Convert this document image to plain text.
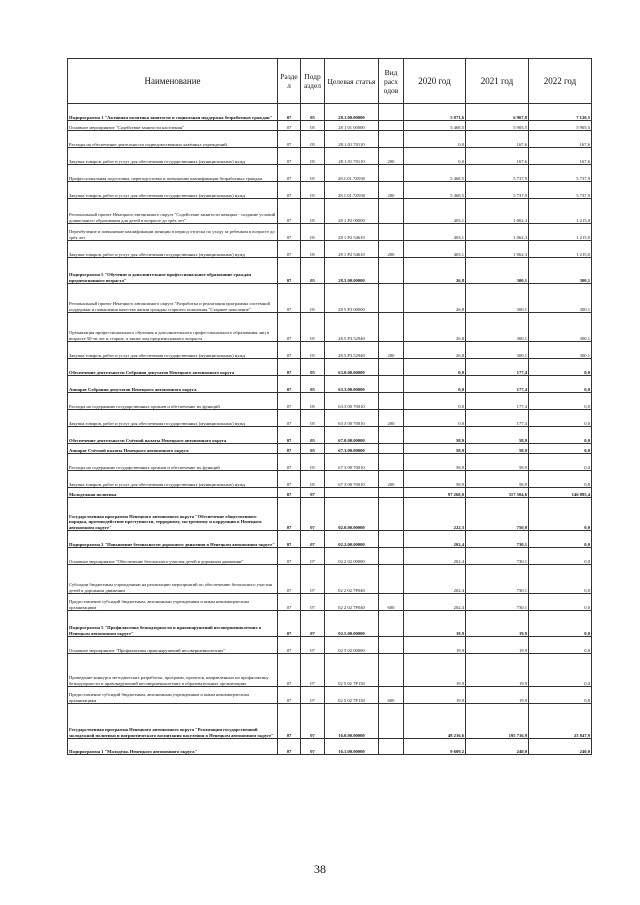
Наименование	Разде л	Подр аздел	Целевая статья	Вид расх одов	2020 год	2021 год	2022 год
Подпрограмма 1 "Активная политика занятости и социальная поддержка безработных граждан"	07	05	28.1.00.00000		5 871,6	6 967,8	7 120,5
Основное мероприятие "Содействие занятости населения"	07	05	28 1 01 00000		5 468,5	5 905,5	5 905,5
Расходы на обеспечение деятельности подведомственных казённых учреждений	07	05	28.1.01.70110		0,0	167,6	167,6
Закупка товаров, работ и услуг для обеспечения государственных (муниципальных) нужд	07	05	28.1.01.70110	200	0,0	167,6	167,6
Профессиональная подготовка, переподготовка и повышение квалификации безработных граждан	07	05	28.1.01.7Z030		5 468,5	5 737,9	5 737,9
Закупка товаров, работ и услуг для обеспечения государственных (муниципальных) нужд	07	05	28.1.01.7Z030	200	5 468,5	5 737,9	5 737,9
Региональный проект Ненецкого автономного округа "Содействие занятости женщин - создание условий дошкольного образования для детей в возрасте до трёх лет"	07	05	28 1 P2 00000		403,1	1 062,3	1 215,0
Переобучение и повышение квалификации женщин в период отпуска по уходу за ребенком в возрасте до трёх лет	07	05	28 1 P2 54610		403,1	1 062,3	1 215,0
Закупка товаров, работ и услуг для обеспечения государственных (муниципальных) нужд	07	05	28 1 P2 54610	200	403,1	1 062,3	1 215,0
Подпрограмма 5 "Обучение и дополнительное профессиональное образование граждан предпенсионного возраста"	07	05	28.5.00.00000		26,8	300,1	300,1
Региональный проект Ненецкого автономного округа "Разработка и реализация программы системной поддержки и повышения качества жизни граждан старшего поколения "Старшее поколение"	07	05	28 5 P3 00000		26,8	300,1	300,1
Организация профессионального обучения и дополнительного профессионального образования лиц в возрасте 50-ти лет и старше, а также лиц предпенсионного возраста	07	05	28.5.P3.52940		26,8	300,1	300,1
Закупка товаров, работ и услуг для обеспечения государственных (муниципальных) нужд	07	05	28.5.P3.52940	200	26,8	300,1	300,1
Обеспечение деятельности Собрания депутатов Ненецкого автономного округа	07	05	63.0.00.00000		0,0	177,4	0,0
Аппарат Собрания депутатов Ненецкого автономного округа	07	05	63.3.00.00000		0,0	177,4	0,0
Расходы на содержание государственных органов и обеспечение их функций	07	05	63.3 00 70010		0,0	177,4	0,0
Закупка товаров, работ и услуг для обеспечения государственных (муниципальных) нужд	07	05	63 3 00 70010	200	0,0	177,4	0,0
Обеспечение деятельности Счётной палаты Ненецкого автономного округа	07	05	67.0.00.00000		58,9	58,9	0,0
Аппарат Счётной палаты Ненецкого автономного округа	07	05	67.3.00.00000		58,9	58,9	0,0
Расходы на содержание государственных органов и обеспечение их функций	07	05	67 3 00 70010		58,9	58,9	0,0
Закупка товаров, работ и услуг для обеспечения государственных (муниципальных) нужд	07	05	67 3 00 70010	200	58,9	58,9	0,0
Молодежная политика	07	07			97 268,0	317 504,6	146 885,4
Государственная программа Ненецкого автономного округа "Обеспечение общественного порядка, противодействие преступности, терроризму, экстремизму и коррупции в Ненецком автономном округе"	07	07	02.0.00.00000		222,3	750,0	0,0
Подпрограмма 2 "Повышение безопасности дорожного движения в Ненецком автономном округе"	07	07	02.2.00.00000		202,4	730,1	0,0
Основное мероприятие "Обеспечение безопасного участия детей в дорожном движении"	07	07	02 2 02 00000		202,4	730,1	0,0
Субсидии бюджетным учреждениям на реализацию мероприятий по обеспечению безопасного участия детей в дорожном движении	07	07	02 2 02 7P040		202,4	730,1	0,0
Предоставление субсидий бюджетным, автономным учреждениям и иным некоммерческим организациям	07	07	02 2 02 7P040	600	202,4	730,1	0,0
Подпрограмма 5 "Профилактика безнадзорности и правонарушений несовершеннолетних в Ненецком автономном округе"	07	07	02.5.00.00000		19,9	19,9	0,0
Основное мероприятие "Профилактика правонарушений несовершеннолетних"	07	07	02 5 02 00000		19,9	19,9	0,0
Проведение конкурса методических разработок, программ, проектов, направленных на профилактику безнадзорности и правонарушений несовершеннолетних в образовательных организациях	07	07	02 5 02 7P130		19,9	19,9	0,0
Предоставление субсидий бюджетным, автономным учреждениям и иным некоммерческим организациям	07	07	02 5 02 7P130	600	19,9	19,9	0,0
Государственная программа Ненецкого автономного округа "Реализация государственной молодежной политики и патриотического воспитания населения в Ненецком автономном округе"	07	07	16.0.00.00000		48 216,6	195 716,9	25 847,9
Подпрограмма 1 "Молодёжь Ненецкого автономного округа"	07	07	16.1.00.00000		9 609,2	240,0	240,0
38
